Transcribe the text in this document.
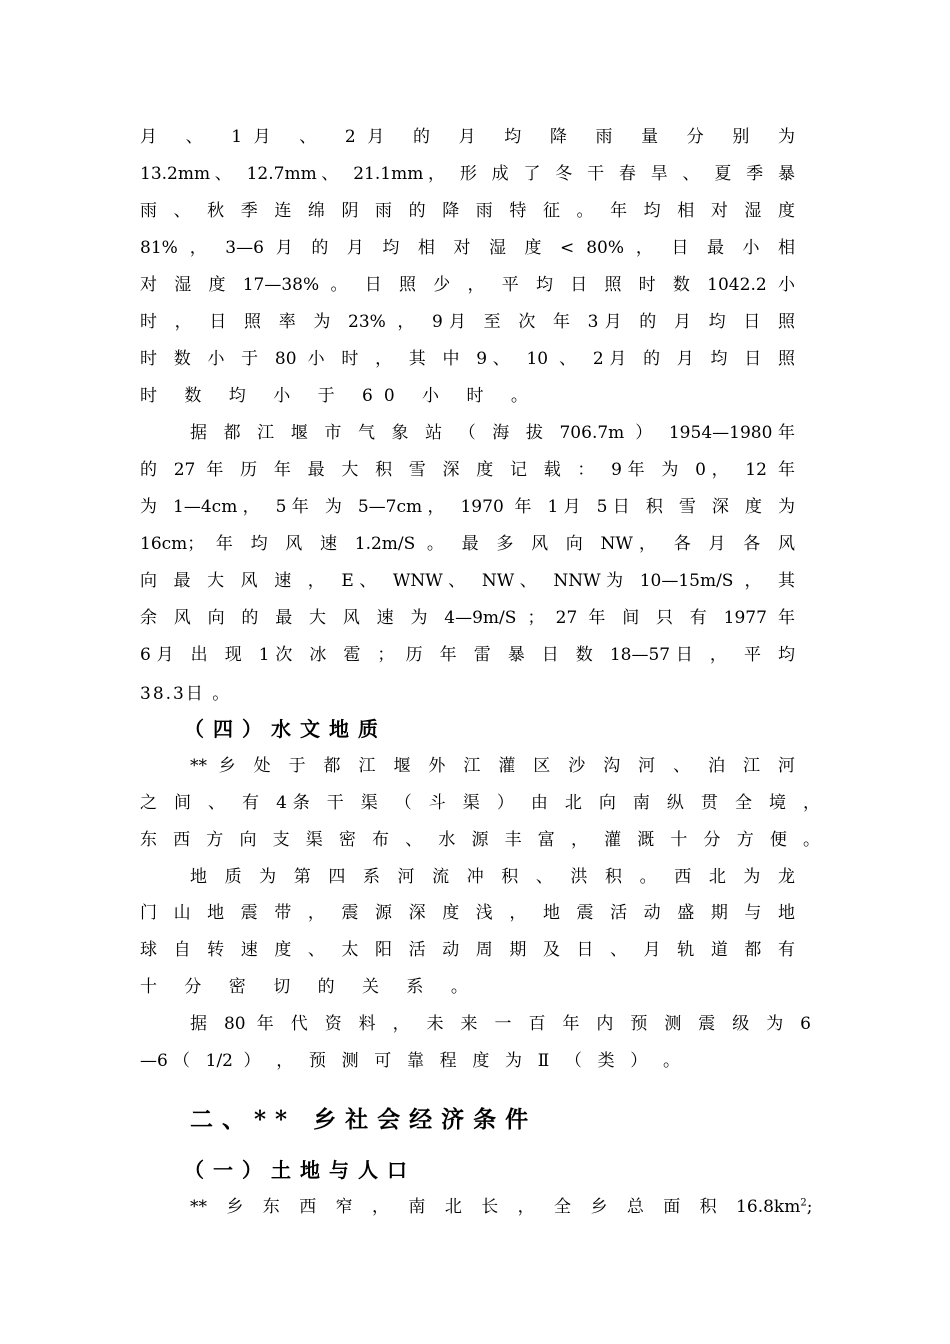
月 、 1月 、 2月 的 月 均 降 雨 量 分 别 为
13.2mm、 12.7mm、 21.1mm， 形 成 了 冬 干 春 旱 、 夏 季 暴
雨 、 秋 季 连 绵 阴 雨 的 降 雨 特 征 。 年 均 相 对 湿 度
81% ， 3—6 月 的 月 均 相 对 湿 度 < 80% ， 日 最 小 相
对 湿 度 17—38% 。 日 照 少 ， 平 均 日 照 时 数 1042.2 小
时 ， 日 照 率 为 23% ， 9月 至 次 年 3月 的 月 均 日 照
时 数 小 于 80 小 时 ， 其 中 9、 10 、 2月 的 月 均 日 照
时 数 均 小 于 60 小 时 。
据 都 江 堰 市 气 象 站 （ 海 拔 706.7m ） 1954—1980年
的 27 年 历 年 最 大 积 雪 深 度 记 载 ： 9年 为 0， 12 年
为 1—4cm， 5年 为 5—7cm， 1970 年 1月 5日 积 雪 深 度 为
16cm； 年 均 风 速 1.2m/S 。 最 多 风 向 NW， 各 月 各 风
向 最 大 风 速 ， E、 WNW、 NW、 NNW为 10—15m/S ， 其
余 风 向 的 最 大 风 速 为 4—9m/S ； 27 年 间 只 有 1977 年
6月 出 现 1次 冰 雹 ； 历 年 雷 暴 日 数 18—57日 ， 平 均
38.3日 。
（四）水文地质
** 乡 处 于 都 江 堰 外 江 灌 区 沙 沟 河 、 泊 江 河
之 间 、 有 4条 干 渠 （ 斗 渠 ） 由 北 向 南 纵 贯 全 境 ，
东 西 方 向 支 渠 密 布 、 水 源 丰 富 ， 灌 溉 十 分 方 便 。
地 质 为 第 四 系 河 流 冲 积 、 洪 积 。 西 北 为 龙
门 山 地 震 带 ， 震 源 深 度 浅 ， 地 震 活 动 盛 期 与 地
球 自 转 速 度 、 太 阳 活 动 周 期 及 日 、 月 轨 道 都 有
十 分 密 切 的 关 系 。
据 80 年 代 资 料 ， 未 来 一 百 年 内 预 测 震 级 为 6
—6（ 1/2 ） ， 预 测 可 靠 程 度 为 Ⅱ （ 类 ） 。
二、** 乡社会经济条件
（一）土地与人口
** 乡 东 西 窄 ， 南 北 长 ， 全 乡 总 面 积 $16.8km^2$;
